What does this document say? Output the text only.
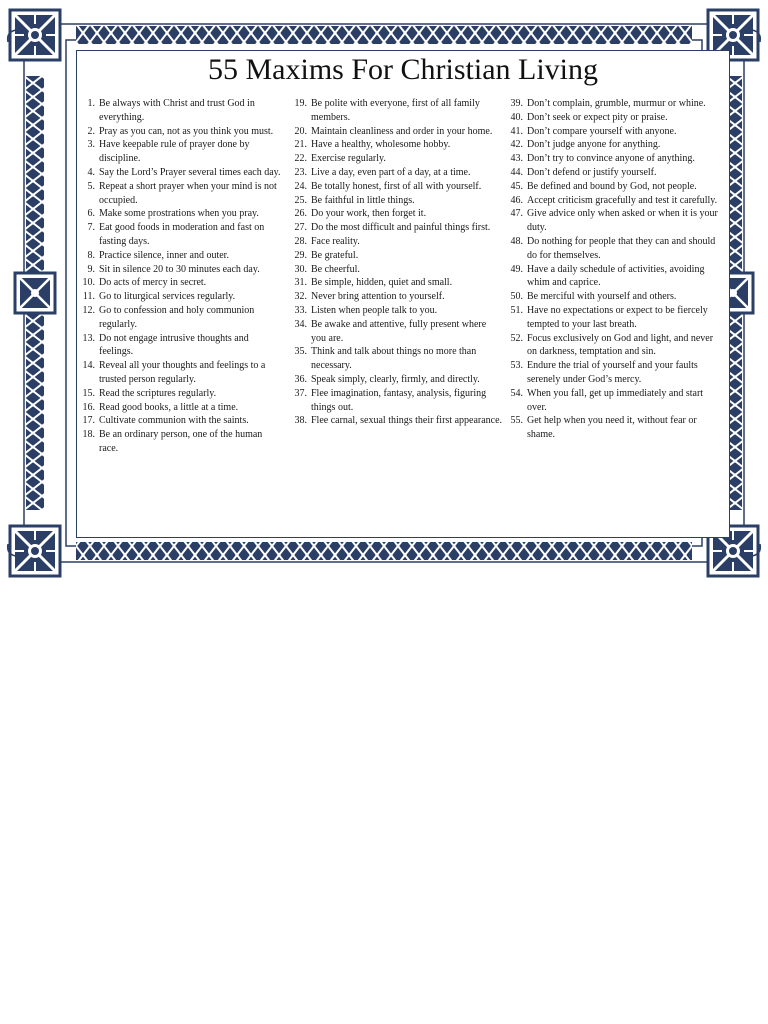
55 Maxims For Christian Living
1. Be always with Christ and trust God in everything.
2. Pray as you can, not as you think you must.
3. Have keepable rule of prayer done by discipline.
4. Say the Lord’s Prayer several times each day.
5. Repeat a short prayer when your mind is not occupied.
6. Make some prostrations when you pray.
7. Eat good foods in moderation and fast on fasting days.
8. Practice silence, inner and outer.
9. Sit in silence 20 to 30 minutes each day.
10. Do acts of mercy in secret.
11. Go to liturgical services regularly.
12. Go to confession and holy communion regularly.
13. Do not engage intrusive thoughts and feelings.
14. Reveal all your thoughts and feelings to a trusted person regularly.
15. Read the scriptures regularly.
16. Read good books, a little at a time.
17. Cultivate communion with the saints.
18. Be an ordinary person, one of the human race.
19. Be polite with everyone, first of all family members.
20. Maintain cleanliness and order in your home.
21. Have a healthy, wholesome hobby.
22. Exercise regularly.
23. Live a day, even part of a day, at a time.
24. Be totally honest, first of all with yourself.
25. Be faithful in little things.
26. Do your work, then forget it.
27. Do the most difficult and painful things first.
28. Face reality.
29. Be grateful.
30. Be cheerful.
31. Be simple, hidden, quiet and small.
32. Never bring attention to yourself.
33. Listen when people talk to you.
34. Be awake and attentive, fully present where you are.
35. Think and talk about things no more than necessary.
36. Speak simply, clearly, firmly, and directly.
37. Flee imagination, fantasy, analysis, figuring things out.
38. Flee carnal, sexual things their first appearance.
39. Don’t complain, grumble, murmur or whine.
40. Don’t seek or expect pity or praise.
41. Don’t compare yourself with anyone.
42. Don’t judge anyone for anything.
43. Don’t try to convince anyone of anything.
44. Don’t defend or justify yourself.
45. Be defined and bound by God, not people.
46. Accept criticism gracefully and test it carefully.
47. Give advice only when asked or when it is your duty.
48. Do nothing for people that they can and should do for themselves.
49. Have a daily schedule of activities, avoiding whim and caprice.
50. Be merciful with yourself and others.
51. Have no expectations or expect to be fiercely tempted to your last breath.
52. Focus exclusively on God and light, and never on darkness, temptation and sin.
53. Endure the trial of yourself and your faults serenely under God’s mercy.
54. When you fall, get up immediately and start over.
55. Get help when you need it, without fear or shame.
